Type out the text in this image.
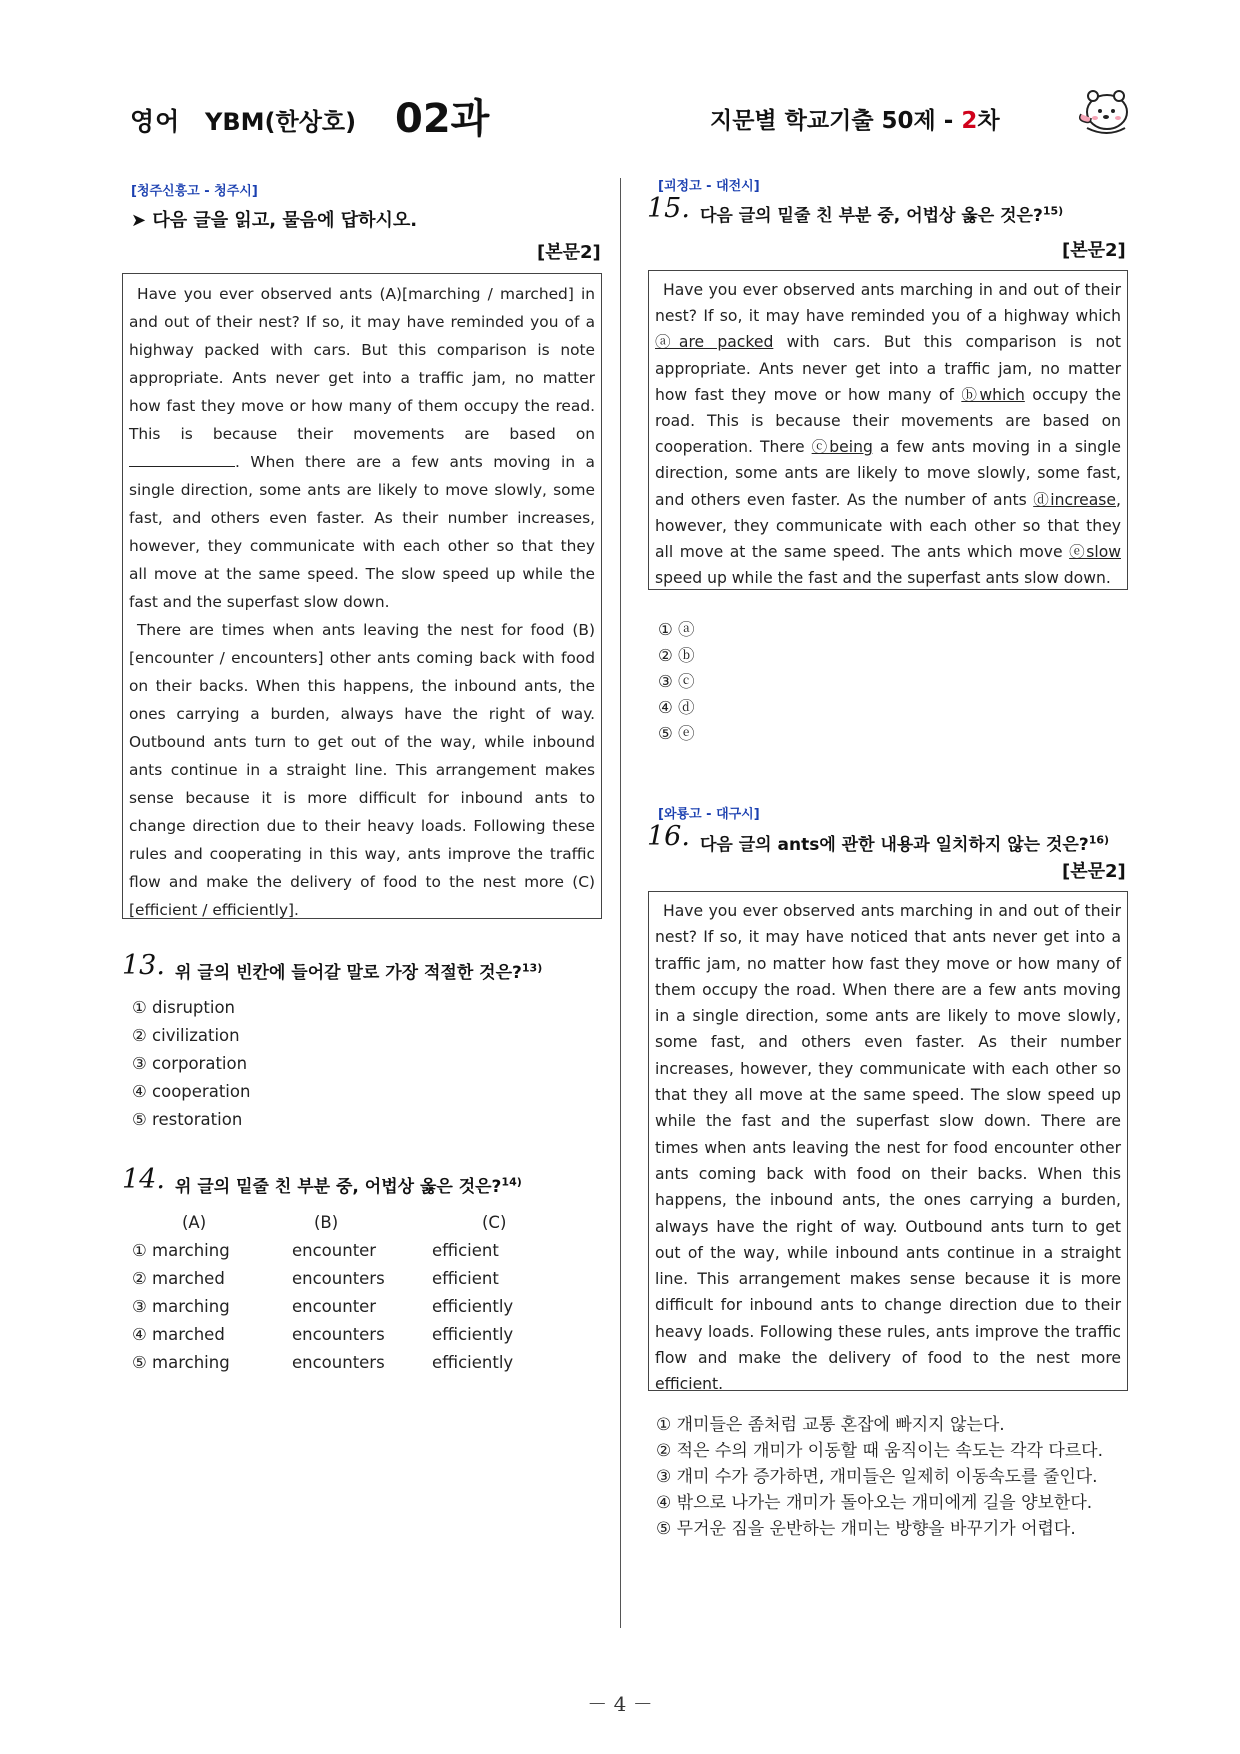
영어 YBM(한상호) 02과	지문별 학교기출 50제 - 2차
[청주신흥고 - 청주시]
➤ 다음 글을 읽고, 물음에 답하시오.
[본문2]

Have you ever observed ants (A)[marching / marched] in and out of their nest? If so, it may have reminded you of a highway packed with cars. But this comparison is note appropriate. Ants never get into a traffic jam, no matter how fast they move or how many of them occupy the read. This is because their movements are based on . When there are a few ants moving in a single direction, some ants are likely to move slowly, some fast, and others even faster. As their number increases, however, they communicate with each other so that they all move at the same speed. The slow speed up while the fast and the superfast slow down.

There are times when ants leaving the nest for food (B)[encounter / encounters] other ants coming back with food on their backs. When this happens, the inbound ants, the ones carrying a burden, always have the right of way. Outbound ants turn to get out of the way, while inbound ants continue in a straight line. This arrangement makes sense because it is more difficult for inbound ants to change direction due to their heavy loads. Following these rules and cooperating in this way, ants improve the traffic flow and make the delivery of food to the nest more (C)[efficient / efficiently].

13. 위 글의 빈칸에 들어갈 말로 가장 적절한 것은?$^{13)}$
① disruption
② civilization
③ corporation
④ cooperation
⑤ restoration
14. 위 글의 밑줄 친 부분 중, 어법상 옳은 것은?$^{14)}$
(A)	(B)	(C)
① marching	encounter	efficient
② marched	encounters	efficient
③ marching	encounter	efficiently
④ marched	encounters	efficiently
⑤ marching	encounters	efficiently
[괴정고 - 대전시]
15. 다음 글의 밑줄 친 부분 중, 어법상 옳은 것은?$^{15)}$
[본문2]

Have you ever observed ants marching in and out of their nest? If so, it may have reminded you of a highway which ⓐare packed with cars. But this comparison is not appropriate. Ants never get into a traffic jam, no matter how fast they move or how many of ⓑwhich occupy the road. This is because their movements are based on cooperation. There ⓒbeing a few ants moving in a single direction, some ants are likely to move slowly, some fast, and others even faster. As the number of ants ⓓincrease, however, they communicate with each other so that they all move at the same speed. The ants which move ⓔslow speed up while the fast and the superfast ants slow down.

① ⓐ
② ⓑ
③ ⓒ
④ ⓓ
⑤ ⓔ
[와룡고 - 대구시]
16. 다음 글의 ants에 관한 내용과 일치하지 않는 것은?$^{16)}$
[본문2]

Have you ever observed ants marching in and out of their nest? If so, it may have noticed that ants never get into a traffic jam, no matter how fast they move or how many of them occupy the road. When there are a few ants moving in a single direction, some ants are likely to move slowly, some fast, and others even faster. As their number increases, however, they communicate with each other so that they all move at the same speed. The slow speed up while the fast and the superfast slow down. There are times when ants leaving the nest for food encounter other ants coming back with food on their backs. When this happens, the inbound ants, the ones carrying a burden, always have the right of way. Outbound ants turn to get out of the way, while inbound ants continue in a straight line. This arrangement makes sense because it is more difficult for inbound ants to change direction due to their heavy loads. Following these rules, ants improve the traffic flow and make the delivery of food to the nest more efficient.

① 개미들은 좀처럼 교통 혼잡에 빠지지 않는다.
② 적은 수의 개미가 이동할 때 움직이는 속도는 각각 다르다.
③ 개미 수가 증가하면, 개미들은 일제히 이동속도를 줄인다.
④ 밖으로 나가는 개미가 돌아오는 개미에게 길을 양보한다.
⑤ 무거운 짐을 운반하는 개미는 방향을 바꾸기가 어렵다.
－ 4 －
